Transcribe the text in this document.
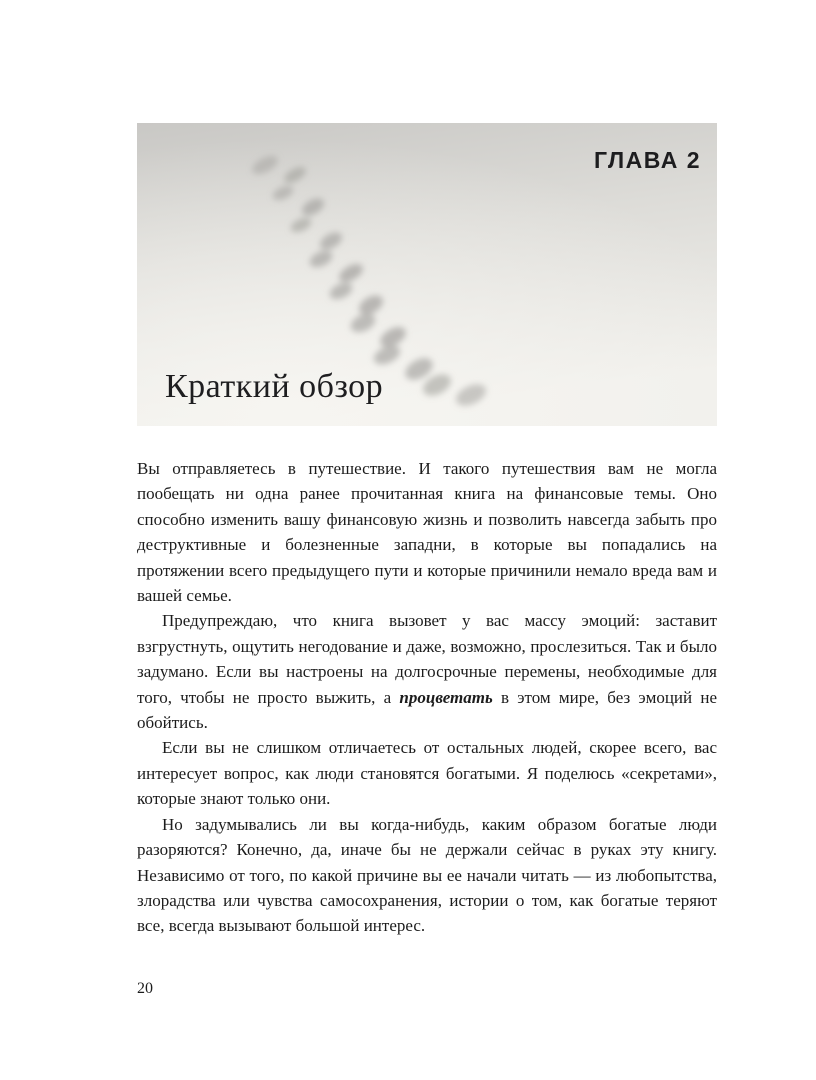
ГЛАВА 2
Краткий обзор

Вы отправляетесь в путешествие. И такого путешествия вам не могла пообещать ни одна ранее прочитанная книга на финансовые темы. Оно способно изменить вашу финансовую жизнь и позволить навсегда забыть про деструктивные и болезненные западни, в которые вы попадались на протяжении всего предыдущего пути и которые причинили немало вреда вам и вашей семье.

Предупреждаю, что книга вызовет у вас массу эмоций: заставит взгрустнуть, ощутить негодование и даже, возможно, прослезиться. Так и было задумано. Если вы настроены на долгосрочные перемены, необходимые для того, чтобы не просто выжить, а процветать в этом мире, без эмоций не обойтись.

Если вы не слишком отличаетесь от остальных людей, скорее всего, вас интересует вопрос, как люди становятся богатыми. Я поделюсь «секретами», которые знают только они.

Но задумывались ли вы когда-нибудь, каким образом богатые люди разоряются? Конечно, да, иначе бы не держали сейчас в руках эту книгу. Независимо от того, по какой причине вы ее начали читать — из любопытства, злорадства или чувства самосохранения, истории о том, как богатые теряют все, всегда вызывают большой интерес.

20
